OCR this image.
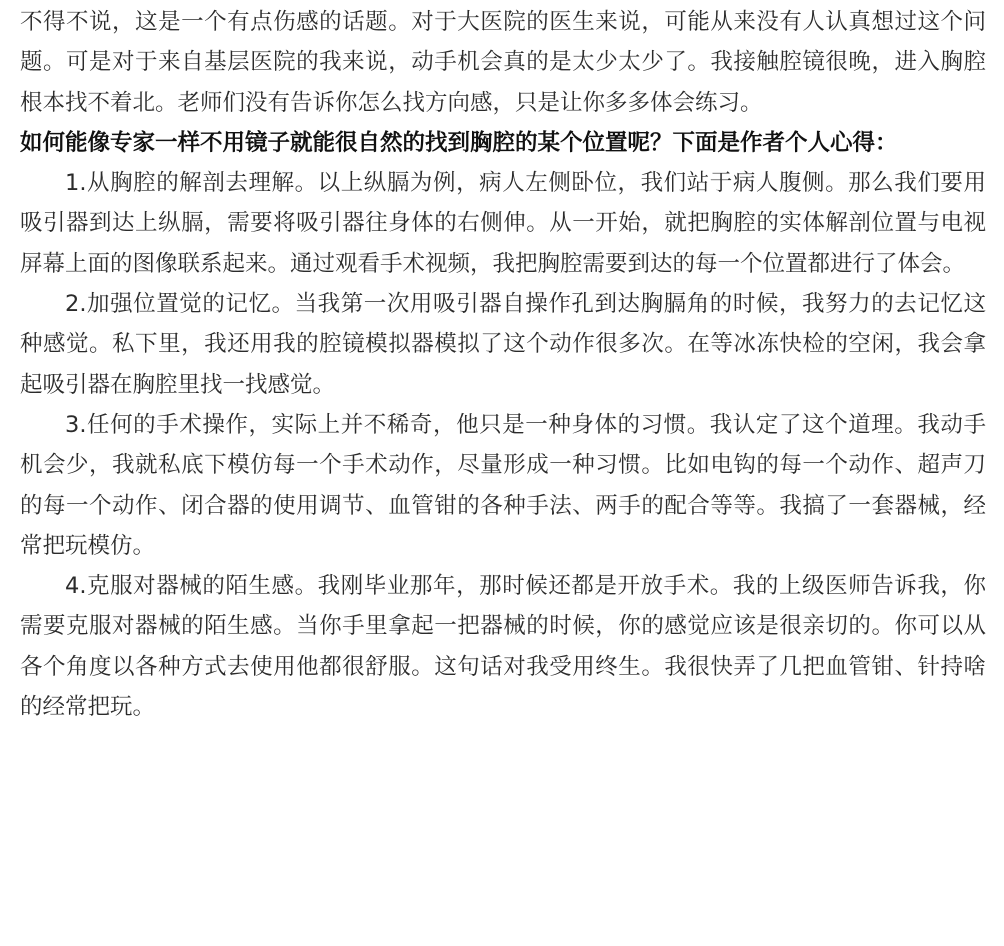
不得不说，这是一个有点伤感的话题。对于大医院的医生来说，可能从来没有人认真想过这个问题。可是对于来自基层医院的我来说，动手机会真的是太少太少了。我接触腔镜很晚，进入胸腔根本找不着北。老师们没有告诉你怎么找方向感，只是让你多多体会练习。

如何能像专家一样不用镜子就能很自然的找到胸腔的某个位置呢？下面是作者个人心得：

1.从胸腔的解剖去理解。以上纵膈为例，病人左侧卧位，我们站于病人腹侧。那么我们要用吸引器到达上纵膈，需要将吸引器往身体的右侧伸。从一开始，就把胸腔的实体解剖位置与电视屏幕上面的图像联系起来。通过观看手术视频，我把胸腔需要到达的每一个位置都进行了体会。

2.加强位置觉的记忆。当我第一次用吸引器自操作孔到达胸膈角的时候，我努力的去记忆这种感觉。私下里，我还用我的腔镜模拟器模拟了这个动作很多次。在等冰冻快检的空闲，我会拿起吸引器在胸腔里找一找感觉。

3.任何的手术操作，实际上并不稀奇，他只是一种身体的习惯。我认定了这个道理。我动手机会少，我就私底下模仿每一个手术动作，尽量形成一种习惯。比如电钩的每一个动作、超声刀的每一个动作、闭合器的使用调节、血管钳的各种手法、两手的配合等等。我搞了一套器械，经常把玩模仿。

4.克服对器械的陌生感。我刚毕业那年，那时候还都是开放手术。我的上级医师告诉我，你需要克服对器械的陌生感。当你手里拿起一把器械的时候，你的感觉应该是很亲切的。你可以从各个角度以各种方式去使用他都很舒服。这句话对我受用终生。我很快弄了几把血管钳、针持啥的经常把玩。
